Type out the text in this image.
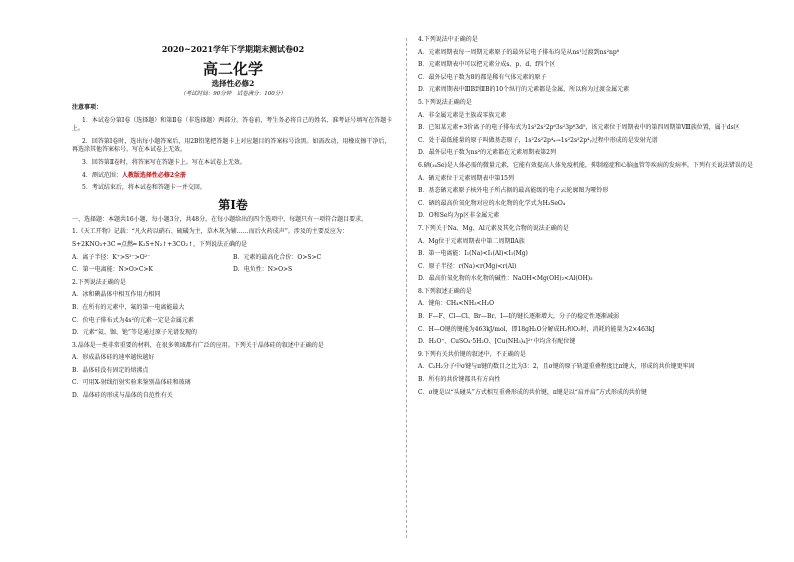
2020~2021学年下学期期末测试卷02
高二化学
选择性必修2
（考试时间：90分钟　试卷满分：100分）
注意事项：
1．本试卷分第Ⅰ卷（选择题）和第Ⅱ卷（非选择题）两部分。答卷前，考生务必将自己的姓名、准考证号填写在答题卡上。
2．回答第Ⅰ卷时，选出每小题答案后，用2B铅笔把答题卡上对应题目的答案标号涂黑。如需改动，用橡皮擦干净后，再选涂其他答案标号。写在本试卷上无效。
3．回答第Ⅱ卷时，将答案写在答题卡上。写在本试卷上无效。
4．测试范围：人教版选择性必修2全册
5．考试结束后，将本试卷和答题卡一并交回。
第Ⅰ卷
一、选择题：本题共16小题，每小题3分，共48分。在每小题给出的四个选项中，每题只有一项符合题目要求。
1.《天工开物》记载：“凡火药以硝石、硫磺为主，草木灰为辅……而后火药成声”。涉及的主要反应为：
S+2KNO₃+3C ═点燃═ K₂S+N₂↑+3CO₂↑，下列说法正确的是
A．离子半径：K⁺>S²⁻>O²⁻	B．元素的最高化合价：O>S>C
C．第一电离能：N>O>C>K	D．电负性：N>O>S
2.下列说法正确的是
A．冰和碘晶体中相互作用力相同
B．在所有的元素中，氟的第一电离能最大
C．价电子排布式为4s²的元素一定是金属元素
D．元素“氦、铷、铯”等是通过原子光谱发现的
3.晶体是一类非常重要的材料，在很多领域都有广泛的应用。下列关于晶体硅的叙述中正确的是
A．形成晶体硅的速率越快越好
B．晶体硅没有固定的熔沸点
C．可用X-射线衍射实验来鉴别晶体硅和玻璃
D．晶体硅的形成与晶体的自范性有关
4.下列说法中正确的是
A．元素周期表每一周期元素原子的最外层电子排布均是从ns¹过渡到ns²np⁶
B．元素周期表中可以把元素分成s、p、d、f四个区
C．最外层电子数为8的都是稀有气体元素的原子
D．元素周期表中ⅢB到ⅡB的10个纵行的元素都是金属，所以称为过渡金属元素
5.下列说法正确的是
A．非金属元素是主族或零族元素
B．已知某元素+3价离子的电子排布式为1s²2s²2p⁶3s²3p⁶3d⁵，该元素位于周期表中的第四周期第Ⅷ族位置，属于ds区
C．处于最低能量的原子叫做基态原子，1s²2s²2p⁴ₓ→1s²2s²2p⁴ᵧ过程中形成的是发射光谱
D．最外层电子数为ns²的元素都在元素周期表第2列
6.硒(₃₄Se)是人体必需的微量元素，它能有效提高人体免疫机能，抑制癌症和心脑血管等疾病的发病率。下列有关说法错误的是
A．硒元素位于元素周期表中第15列
B．基态硒元素原子核外电子所占据的最高能级的电子云轮廓图为哑铃形
C．硒的最高价氧化物对应的水化物的化学式为H₂SeO₄
D．O和Se均为p区非金属元素
7.下列关于Na、Mg、Al元素及其化合物的说法正确的是
A．Mg位于元素周期表中第二周期ⅡA族
B．第一电离能：I₁(Na)<I₁(Al)<I₁(Mg)
C．原子半径：r(Na)<r(Mg)<r(Al)
D．最高价氧化物的水化物的碱性：NaOH<Mg(OH)₂<Al(OH)₃
8.下列叙述正确的是
A．键角：CH₄<NH₃<H₂O
B．F—F、Cl—Cl、Br—Br、I—I的键长逐渐增大，分子的稳定性逐渐减弱
C．H—O键的键能为463kJ/mol，即18gH₂O分解成H₂和O₂时，消耗的能量为2×463kJ
D．H₂O⁺、CuSO₄·5H₂O、[Cu(NH₃)₄]²⁺中均含有配位键
9.下列有关共价键的叙述中，不正确的是
A．C₂H₂分子中σ键与π键的数目之比为3：2，且σ键的原子轨道重叠程度比π键大，形成的共价键更牢固
B．所有的共价键都具有方向性
C．σ键是以“头碰头”方式相互重叠形成的共价键，π键是以“肩并肩”方式形成的共价键
